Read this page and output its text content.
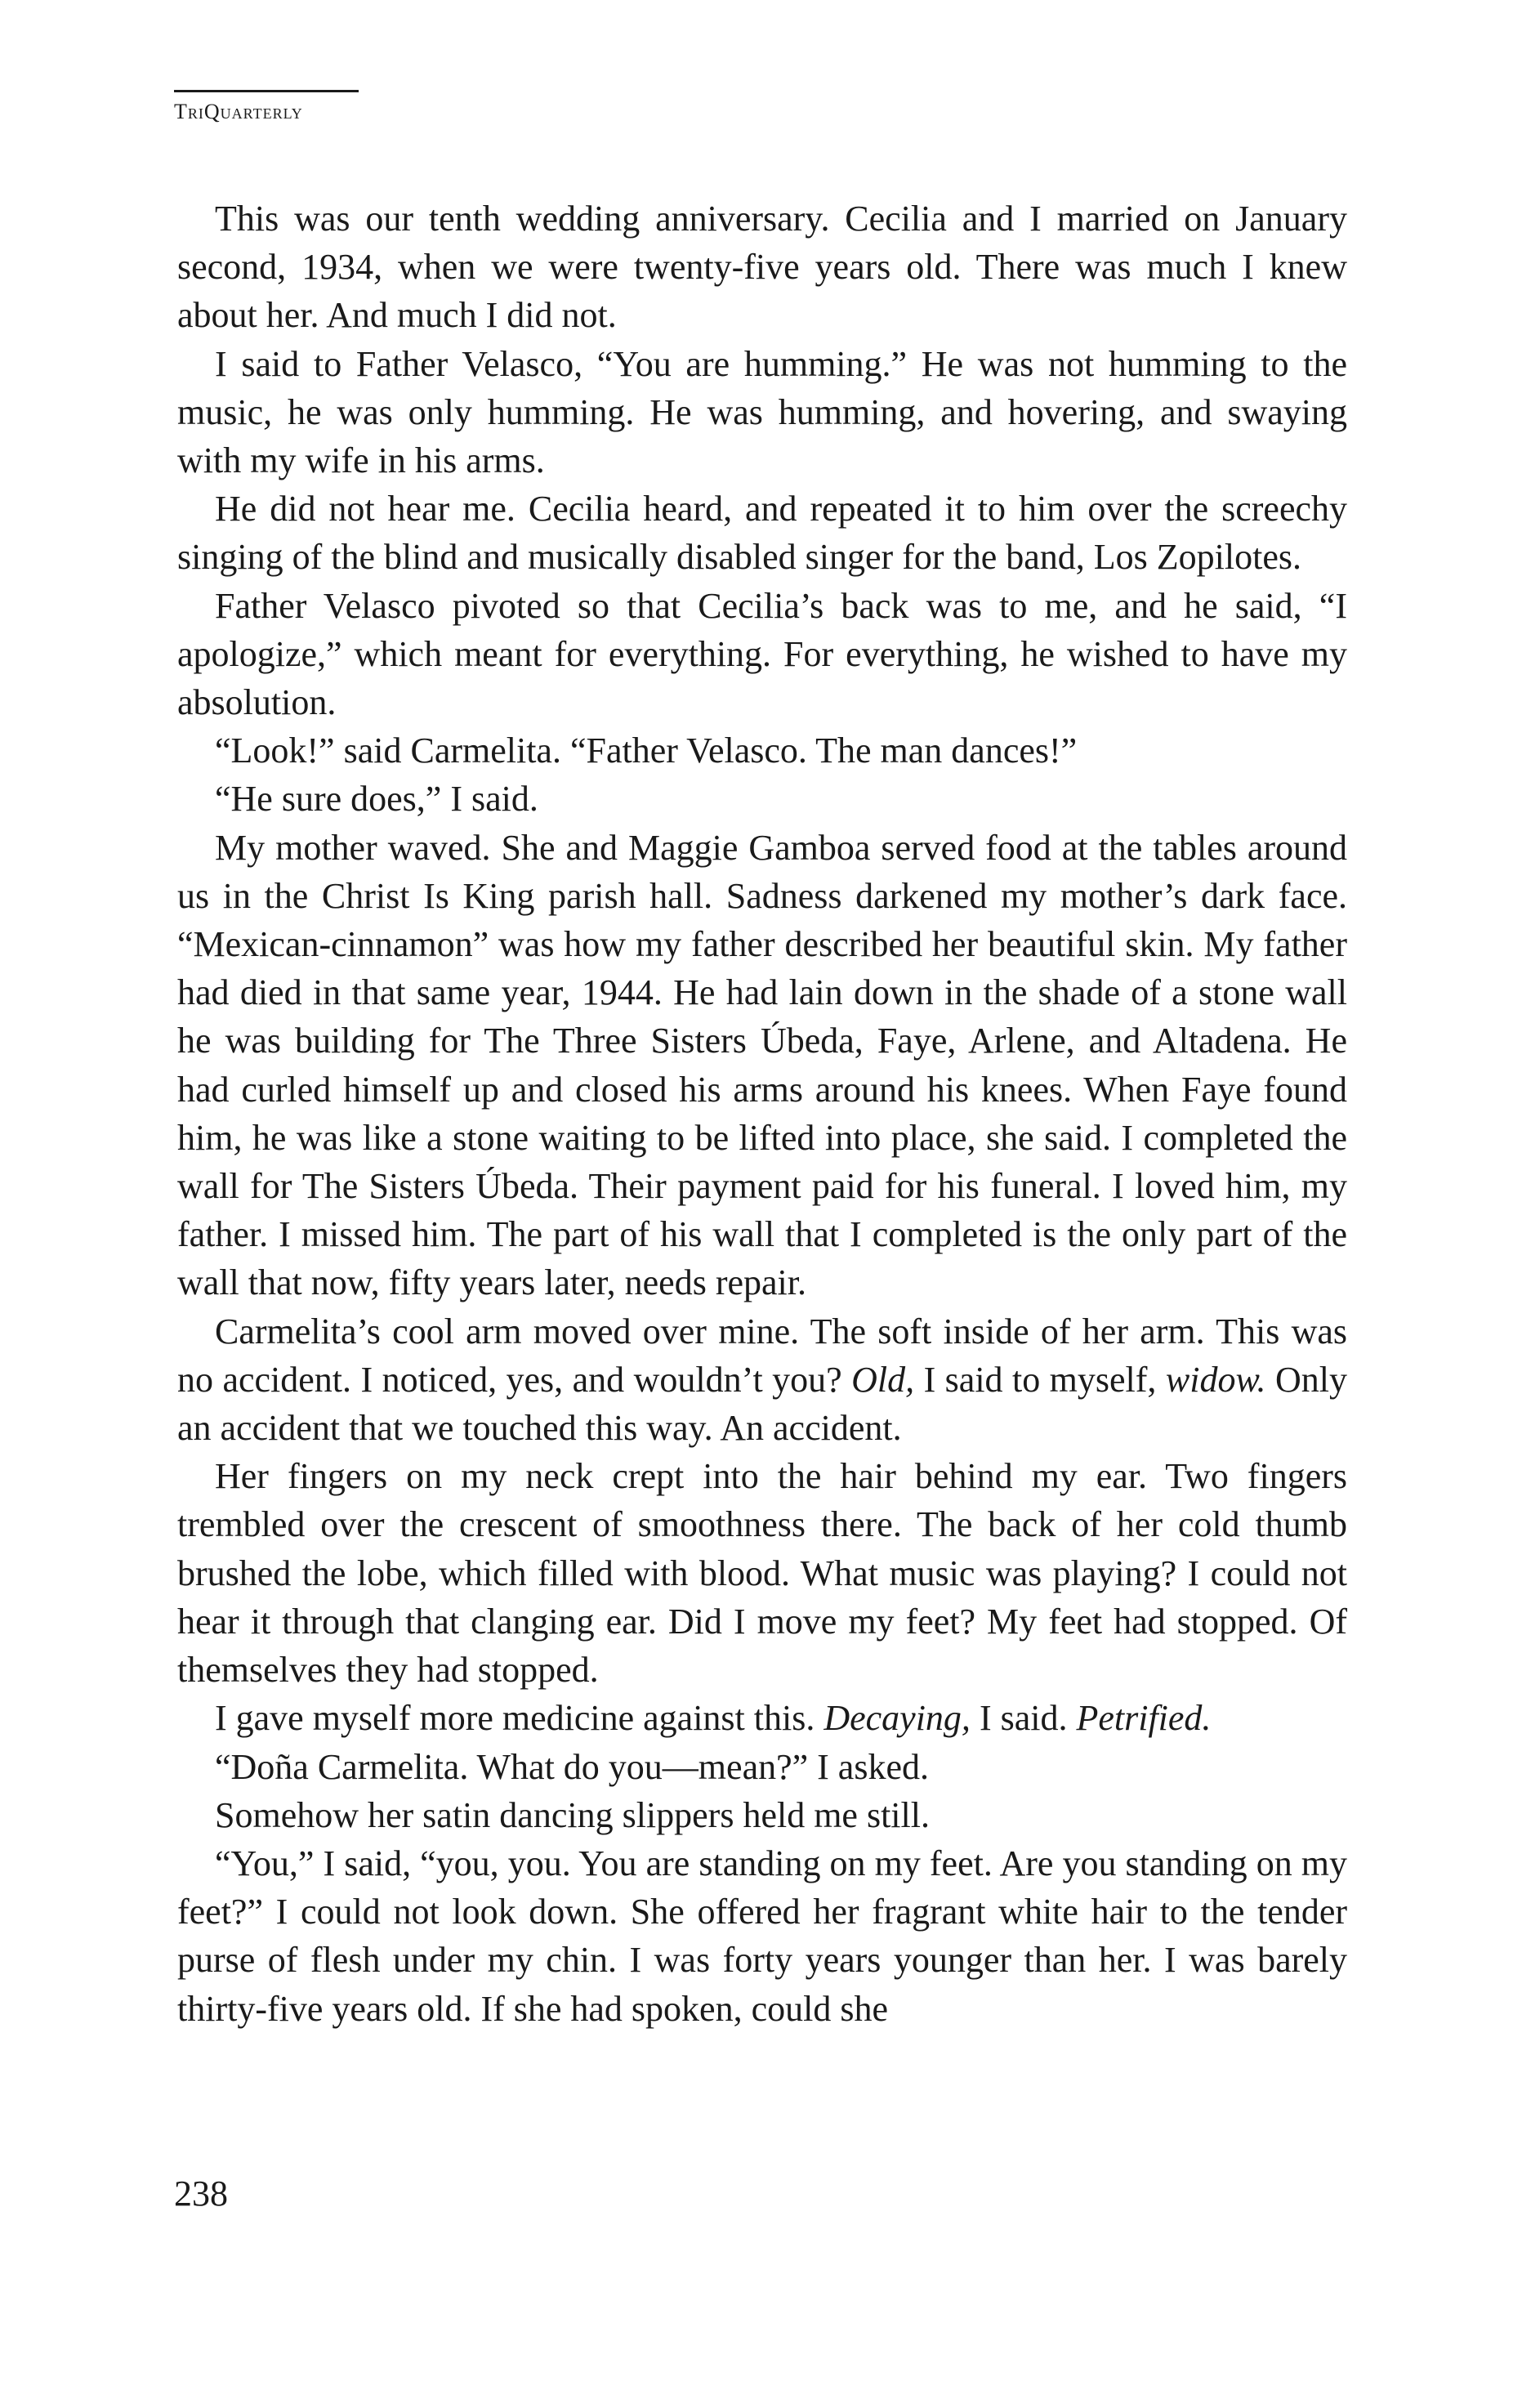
TriQuarterly

This was our tenth wedding anniversary. Cecilia and I married on January second, 1934, when we were twenty-five years old. There was much I knew about her. And much I did not.

I said to Father Velasco, “You are humming.” He was not humming to the music, he was only humming. He was humming, and hovering, and swaying with my wife in his arms.

He did not hear me. Cecilia heard, and repeated it to him over the screechy singing of the blind and musically disabled singer for the band, Los Zopilotes.

Father Velasco pivoted so that Cecilia’s back was to me, and he said, “I apologize,” which meant for everything. For everything, he wished to have my absolution.

“Look!” said Carmelita. “Father Velasco. The man dances!”

“He sure does,” I said.

My mother waved. She and Maggie Gamboa served food at the tables around us in the Christ Is King parish hall. Sadness darkened my mother’s dark face. “Mexican-cinnamon” was how my father described her beautiful skin. My father had died in that same year, 1944. He had lain down in the shade of a stone wall he was building for The Three Sisters Úbeda, Faye, Arlene, and Altadena. He had curled himself up and closed his arms around his knees. When Faye found him, he was like a stone waiting to be lifted into place, she said. I completed the wall for The Sisters Úbeda. Their payment paid for his funeral. I loved him, my father. I missed him. The part of his wall that I completed is the only part of the wall that now, fifty years later, needs repair.

Carmelita’s cool arm moved over mine. The soft inside of her arm. This was no accident. I noticed, yes, and wouldn’t you? Old, I said to myself, widow. Only an accident that we touched this way. An accident.

Her fingers on my neck crept into the hair behind my ear. Two fingers trembled over the crescent of smoothness there. The back of her cold thumb brushed the lobe, which filled with blood. What music was playing? I could not hear it through that clanging ear. Did I move my feet? My feet had stopped. Of themselves they had stopped.

I gave myself more medicine against this. Decaying, I said. Petrified.

“Doña Carmelita. What do you—mean?” I asked.

Somehow her satin dancing slippers held me still.

“You,” I said, “you, you. You are standing on my feet. Are you standing on my feet?” I could not look down. She offered her fragrant white hair to the tender purse of flesh under my chin. I was forty years younger than her. I was barely thirty-five years old. If she had spoken, could she

238
